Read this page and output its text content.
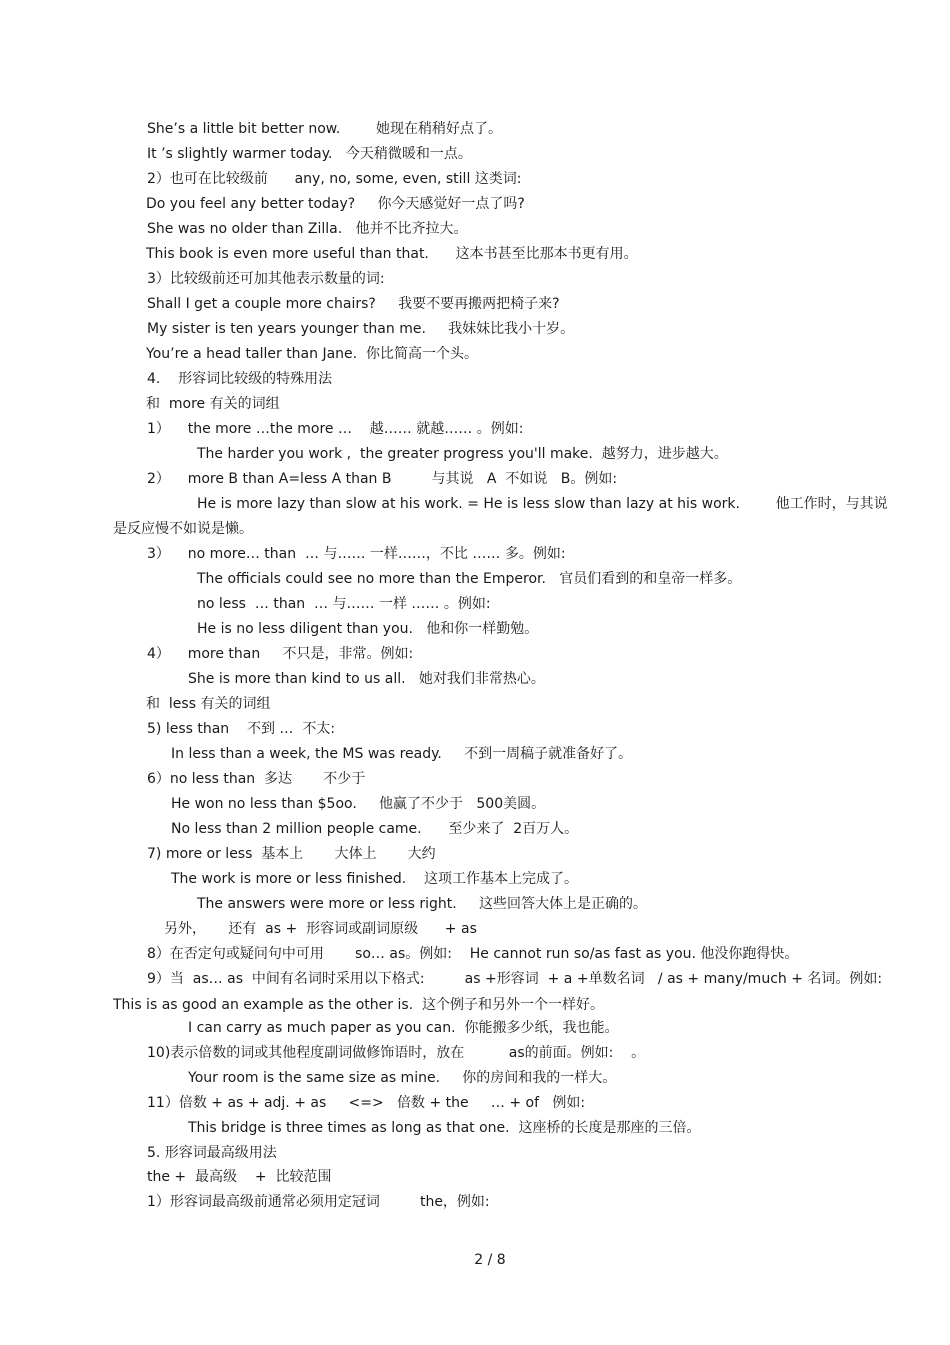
She’s a little bit better now.        她现在稍稍好点了。
It ’s slightly warmer today.   今天稍微暖和一点。
2）也可在比较级前      any, no, some, even, still 这类词:
Do you feel any better today?     你今天感觉好一点了吗?
She was no older than Zilla.   他并不比齐拉大。
This book is even more useful than that.      这本书甚至比那本书更有用。
3）比较级前还可加其他表示数量的词:
Shall I get a couple more chairs?     我要不要再搬两把椅子来?
My sister is ten years younger than me.     我妹妹比我小十岁。
You’re a head taller than Jane.  你比简高一个头。
4.    形容词比较级的特殊用法
和  more 有关的词组
1）    the more …the more …    越…… 就越…… 。例如:
The harder you work ,  the greater progress you'll make.  越努力，进步越大。
2）    more B than A=less A than B         与其说   A  不如说   B。例如:
He is more lazy than slow at his work. = He is less slow than lazy at his work.        他工作时，与其说
是反应慢不如说是懒。
3）    no more… than  … 与…… 一样……，不比 …… 多。例如:
The officials could see no more than the Emperor.   官员们看到的和皇帝一样多。
no less  … than  … 与…… 一样 …… 。例如:
He is no less diligent than you.   他和你一样勤勉。
4）    more than     不只是，非常。例如:
She is more than kind to us all.   她对我们非常热心。
和  less 有关的词组
5) less than    不到 …  不太:
In less than a week, the MS was ready.     不到一周稿子就准备好了。
6）no less than  多达       不少于
He won no less than $5oo.     他赢了不少于   500美圆。
No less than 2 million people came.      至少来了  2百万人。
7) more or less  基本上       大体上       大约
The work is more or less finished.    这项工作基本上完成了。
The answers were more or less right.     这些回答大体上是正确的。
另外，     还有  as +  形容词或副词原级      + as
8）在否定句或疑问句中可用       so… as。例如:    He cannot run so/as fast as you. 他没你跑得快。
9）当  as… as  中间有名词时采用以下格式:         as +形容词  + a +单数名词   / as + many/much + 名词。例如:
This is as good an example as the other is.  这个例子和另外一个一样好。
I can carry as much paper as you can.  你能搬多少纸，我也能。
10)表示倍数的词或其他程度副词做修饰语时，放在          as的前面。例如:    。
Your room is the same size as mine.     你的房间和我的一样大。
11）倍数 + as + adj. + as     <=>   倍数 + the     … + of   例如:
This bridge is three times as long as that one.  这座桥的长度是那座的三倍。
5. 形容词最高级用法
the +  最高级    +  比较范围
1）形容词最高级前通常必须用定冠词         the，例如:
2 / 8
